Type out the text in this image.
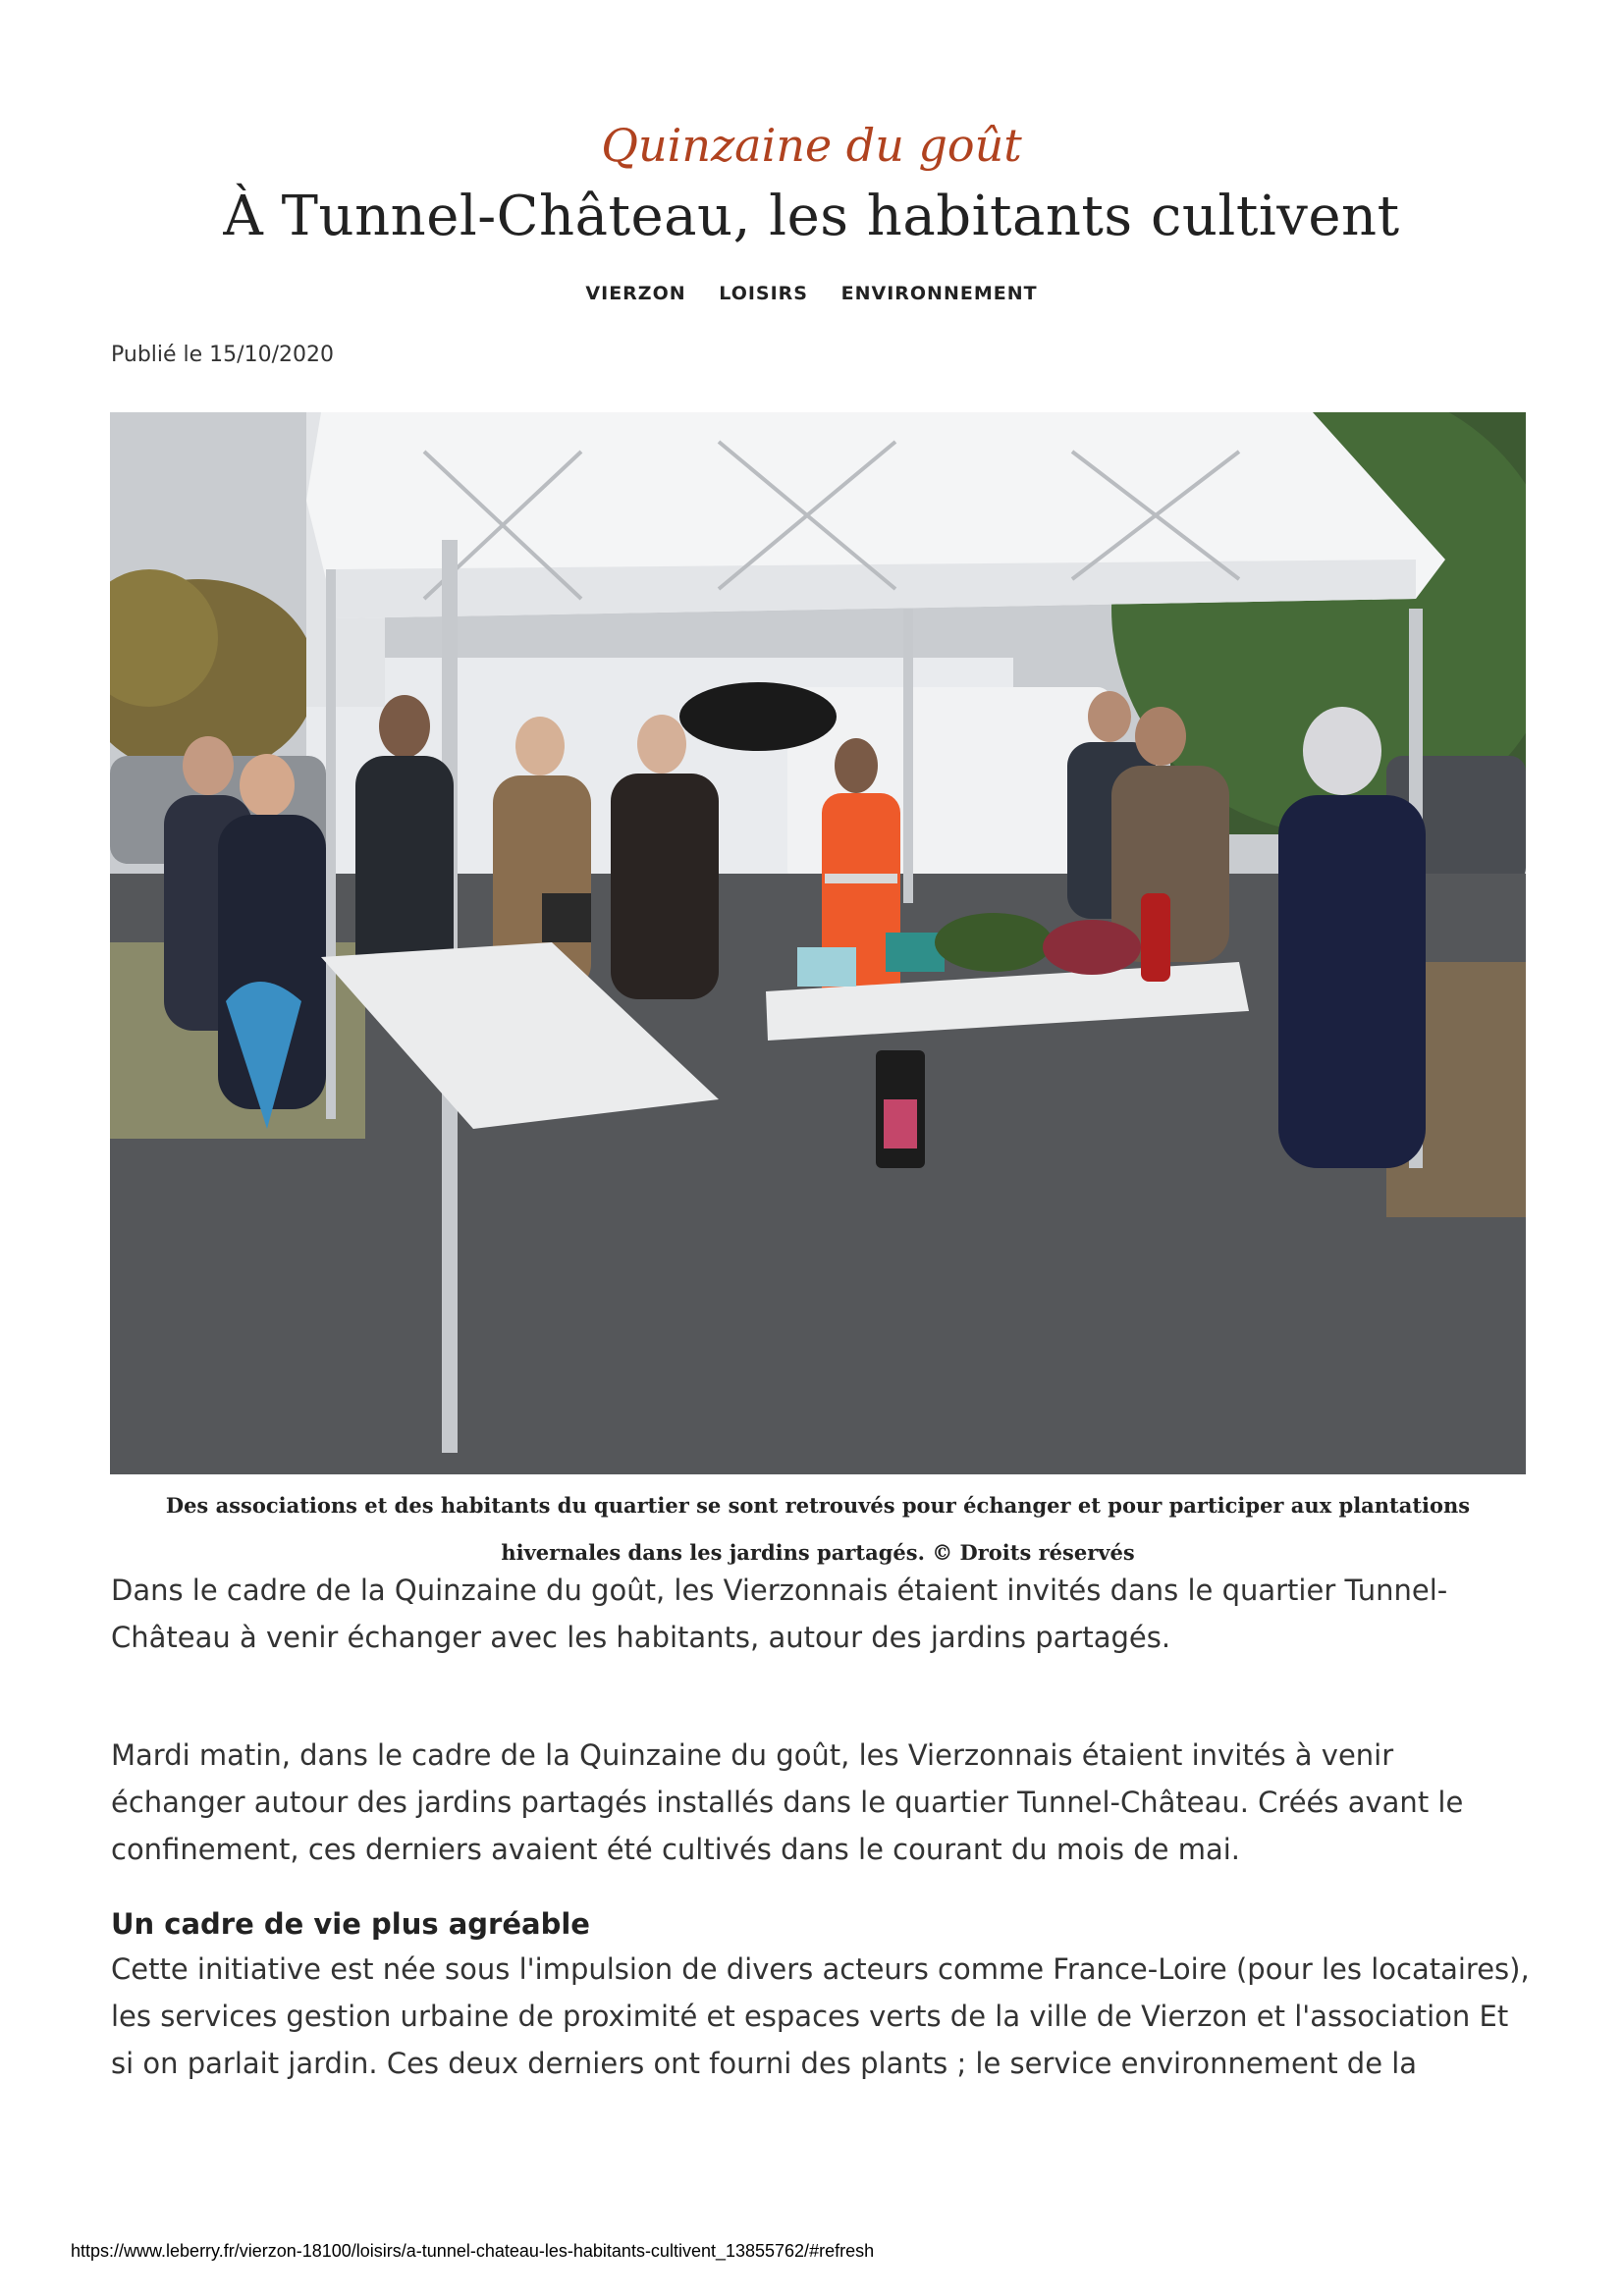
Quinzaine du goût
À Tunnel-Château, les habitants cultivent
VIERZON LOISIRS ENVIRONNEMENT
Publié le 15/10/2020
Des associations et des habitants du quartier se sont retrouvés pour échanger et pour participer aux plantations hivernales dans les jardins partagés. © Droits réservés

Dans le cadre de la Quinzaine du goût, les Vierzonnais étaient invités dans le quartier Tunnel-Château à venir échanger avec les habitants, autour des jardins partagés.

Mardi matin, dans le cadre de la Quinzaine du goût, les Vierzonnais étaient invités à venir échanger autour des jardins partagés installés dans le quartier Tunnel-Château. Créés avant le confinement, ces derniers avaient été cultivés dans le courant du mois de mai.

Un cadre de vie plus agréable

Cette initiative est née sous l'impulsion de divers acteurs comme France-Loire (pour les locataires), les services gestion urbaine de proximité et espaces verts de la ville de Vierzon et l'association Et si on parlait jardin. Ces deux derniers ont fourni des plants ; le service environnement de la

https://www.leberry.fr/vierzon-18100/loisirs/a-tunnel-chateau-les-habitants-cultivent_13855762/#refresh
